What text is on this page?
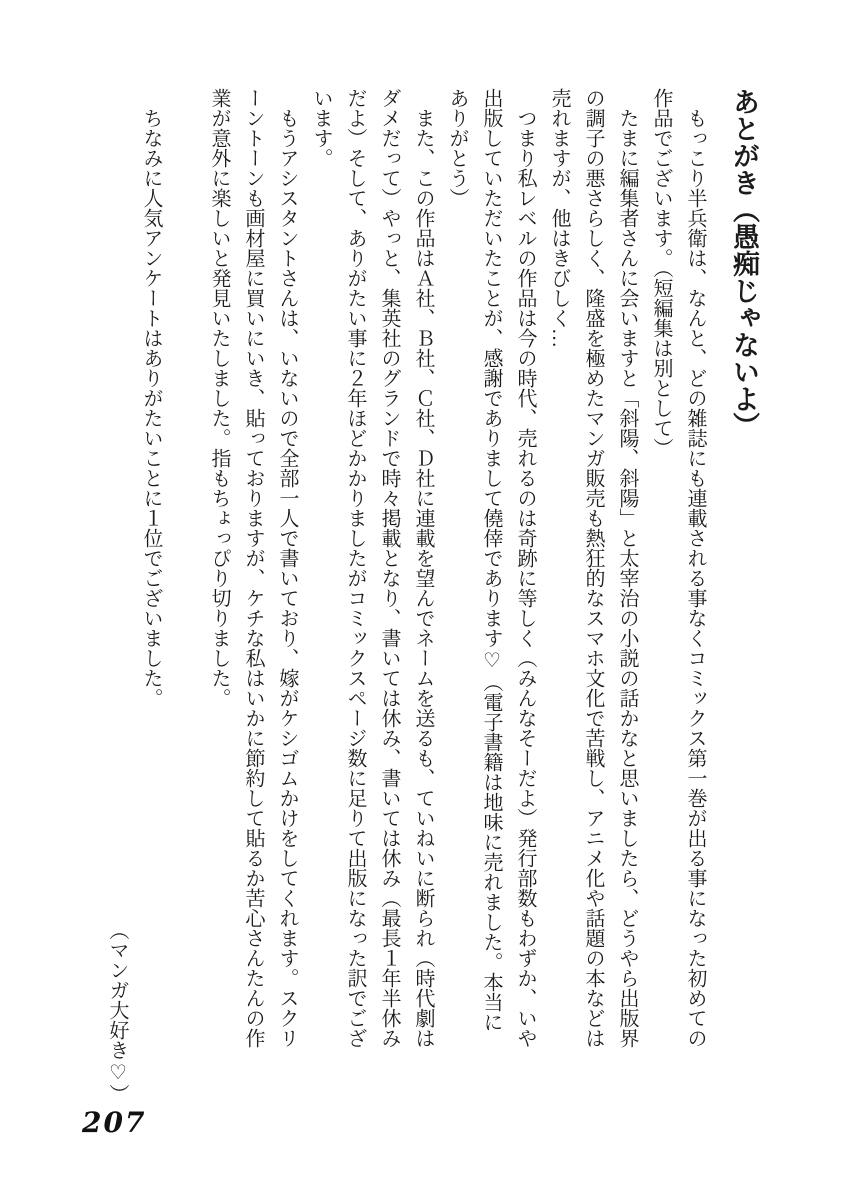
あとがき（愚痴じゃないよ）

もっこり半兵衛は、なんと、どの雑誌にも連載される事なくコミックス第一巻が出る事になった初めての作品でございます。（短編集は別として）

たまに編集者さんに会いますと「斜陽、斜陽」と太宰治の小説の話かなと思いましたら、どうやら出版界の調子の悪さらしく、隆盛を極めたマンガ販売も熱狂的なスマホ文化で苦戦し、アニメ化や話題の本などは売れますが、他はきびしく…

つまり私レベルの作品は今の時代、売れるのは奇跡に等しく（みんなそーだよ）発行部数もわずか、いや出版していただいたことが、感謝でありまして僥倖であります♡（電子書籍は地味に売れました。本当にありがとう）

また、この作品はＡ社、Ｂ社、Ｃ社、Ｄ社に連載を望んでネームを送るも、ていねいに断られ（時代劇はダメだって）やっと、集英社のグランドで時々掲載となり、書いては休み、書いては休み（最長１年半休みだよ）そして、ありがたい事に２年ほどかかりましたがコミックスページ数に足りて出版になった訳でございます。

もうアシスタントさんは、いないので全部一人で書いており、嫁がケシゴムかけをしてくれます。スクリーントーンも画材屋に買いにいき、貼っておりますが、ケチな私はいかに節約して貼るか苦心さんたんの作業が意外に楽しいと発見いたしました。指もちょっぴり切りました。

ちなみに人気アンケートはありがたいことに１位でございました。

（マンガ大好き♡）

207
